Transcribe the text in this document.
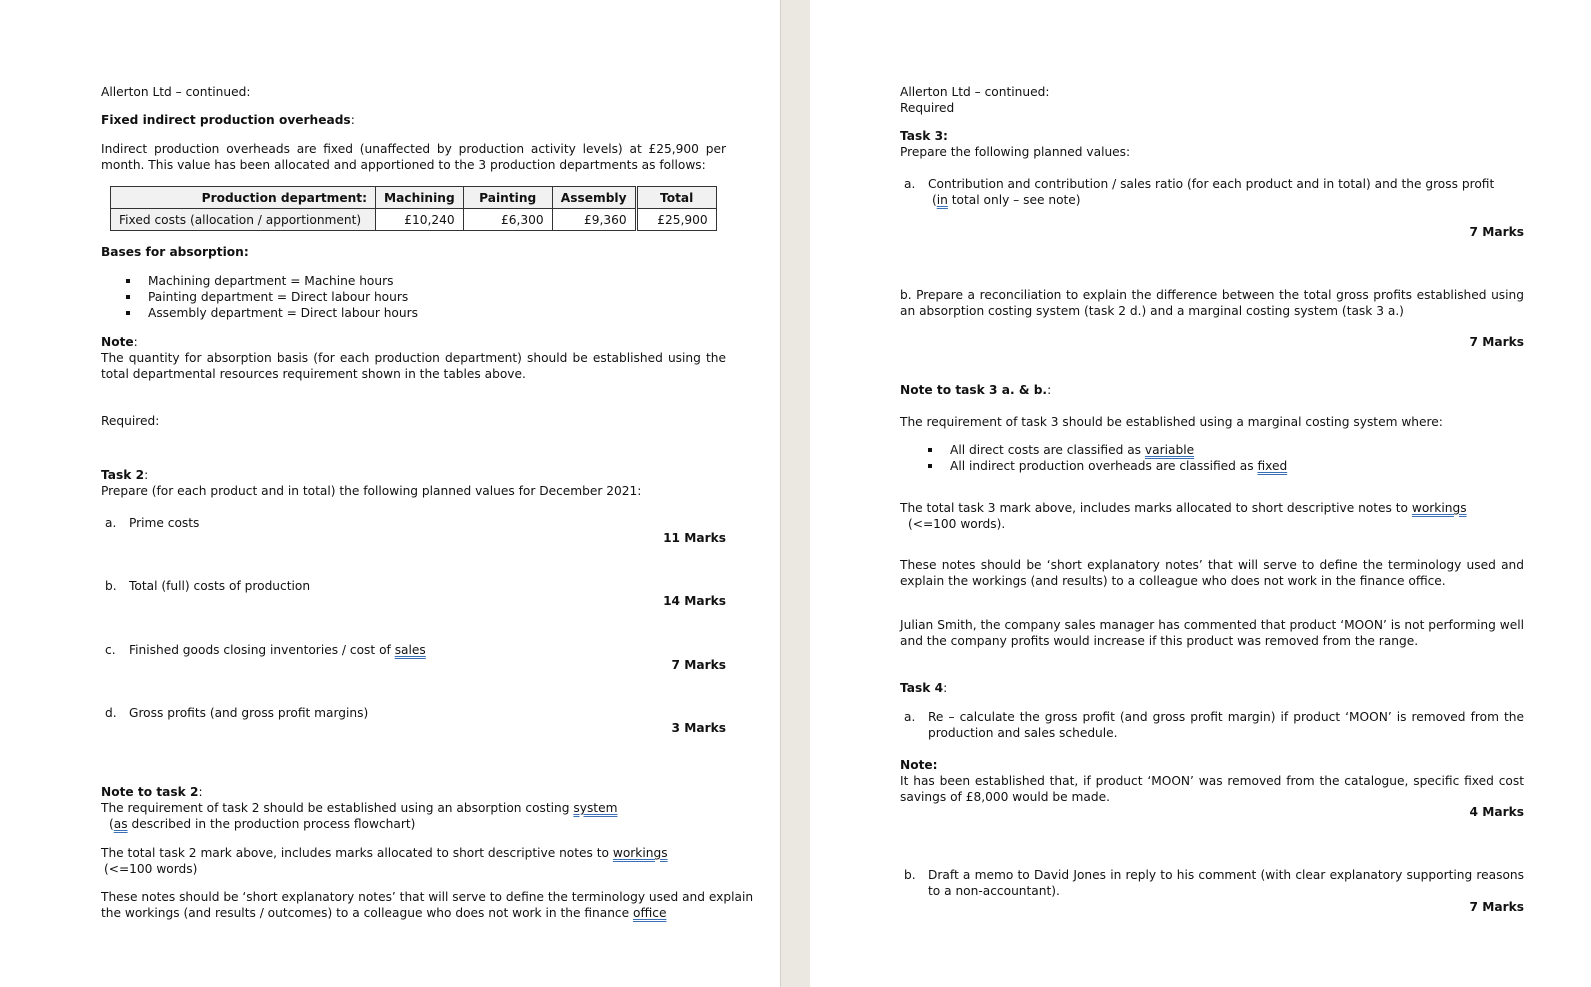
Allerton Ltd – continued:
Fixed indirect production overheads:
Indirect production overheads are fixed (unaffected by production activity levels) at £25,900 per month. This value has been allocated and apportioned to the 3 production departments as follows:
Production department:	Machining	Painting	Assembly	Total
Fixed costs (allocation / apportionment)	£10,240	£6,300	£9,360	£25,900
Bases for absorption:
Machining department = Machine hours
Painting department = Direct labour hours
Assembly department = Direct labour hours
Note:
The quantity for absorption basis (for each production department) should be established using the total departmental resources requirement shown in the tables above.
Required:
Task 2:
Prepare (for each product and in total) the following planned values for December 2021:
a. Prime costs
11 Marks
b. Total (full) costs of production
14 Marks
c. Finished goods closing inventories / cost of sales
7 Marks
d. Gross profits (and gross profit margins)
3 Marks
Note to task 2:
The requirement of task 2 should be established using an absorption costing system
(as described in the production process flowchart)
The total task 2 mark above, includes marks allocated to short descriptive notes to workings
(<=100 words)
These notes should be ‘short explanatory notes’ that will serve to define the terminology used and explain
the workings (and results / outcomes) to a colleague who does not work in the finance office
Allerton Ltd – continued:
Required
Task 3:
Prepare the following planned values:
a. Contribution and contribution / sales ratio (for each product and in total) and the gross profit
(in total only – see note)
7 Marks
b. Prepare a reconciliation to explain the difference between the total gross profits established using an absorption costing system (task 2 d.) and a marginal costing system (task 3 a.)
7 Marks
Note to task 3 a. & b.:
The requirement of task 3 should be established using a marginal costing system where:
All direct costs are classified as variable
All indirect production overheads are classified as fixed
The total task 3 mark above, includes marks allocated to short descriptive notes to workings
(<=100 words).
These notes should be ‘short explanatory notes’ that will serve to define the terminology used and explain the workings (and results) to a colleague who does not work in the finance office.
Julian Smith, the company sales manager has commented that product ‘MOON’ is not performing well and the company profits would increase if this product was removed from the range.
Task 4:
a. Re – calculate the gross profit (and gross profit margin) if product ‘MOON’ is removed from the production and sales schedule.
Note:
It has been established that, if product ‘MOON’ was removed from the catalogue, specific fixed cost savings of £8,000 would be made.
4 Marks
b. Draft a memo to David Jones in reply to his comment (with clear explanatory supporting reasons to a non-accountant).
7 Marks
